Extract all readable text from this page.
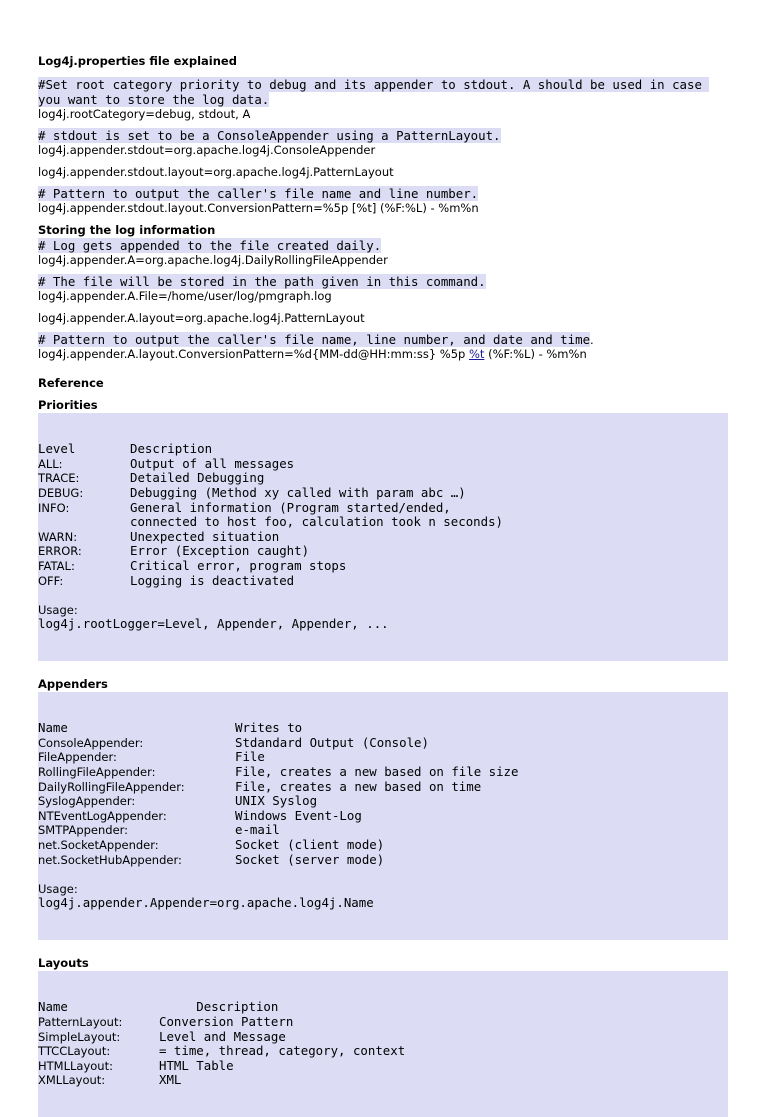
Log4j.properties file explained
#Set root category priority to debug and its appender to stdout. A should be used in case you want to store the log data.
log4j.rootCategory=debug, stdout, A
# stdout is set to be a ConsoleAppender using a PatternLayout.
log4j.appender.stdout=org.apache.log4j.ConsoleAppender
log4j.appender.stdout.layout=org.apache.log4j.PatternLayout
# Pattern to output the caller's file name and line number.
log4j.appender.stdout.layout.ConversionPattern=%5p [%t] (%F:%L) - %m%n
Storing the log information
# Log gets appended to the file created daily.
log4j.appender.A=org.apache.log4j.DailyRollingFileAppender
# The file will be stored in the path given in this command.
log4j.appender.A.File=/home/user/log/pmgraph.log
log4j.appender.A.layout=org.apache.log4j.PatternLayout
# Pattern to output the caller's file name, line number, and date and time.
log4j.appender.A.layout.ConversionPattern=%d{MM-dd@HH:mm:ss} %5p %t (%F:%L) - %m%n
Reference
Priorities

Level	Description
ALL:	Output of all messages
TRACE:	Detailed Debugging
DEBUG:	Debugging (Method xy called with param abc …)
INFO:	General information (Program started/ended,
connected to host foo, calculation took n seconds)
WARN:	Unexpected situation
ERROR:	Error (Exception caught)
FATAL:	Critical error, program stops
OFF:	Logging is deactivated

Usage:
log4j.rootLogger=Level, Appender, Appender, ...

Appenders

Name	Writes to
ConsoleAppender:	Stdandard Output (Console)
FileAppender:	File
RollingFileAppender:	File, creates a new based on file size
DailyRollingFileAppender:	File, creates a new based on time
SyslogAppender:	UNIX Syslog
NTEventLogAppender:	Windows Event-Log
SMTPAppender:	e-mail
net.SocketAppender:	Socket (client mode)
net.SocketHubAppender:	Socket (server mode)

Usage:
log4j.appender.Appender=org.apache.log4j.Name

Layouts

Name	Description
PatternLayout:	Conversion Pattern
SimpleLayout:	Level and Message
TTCCLayout:	= time, thread, category, context
HTMLLayout:	HTML Table
XMLLayout:	XML
